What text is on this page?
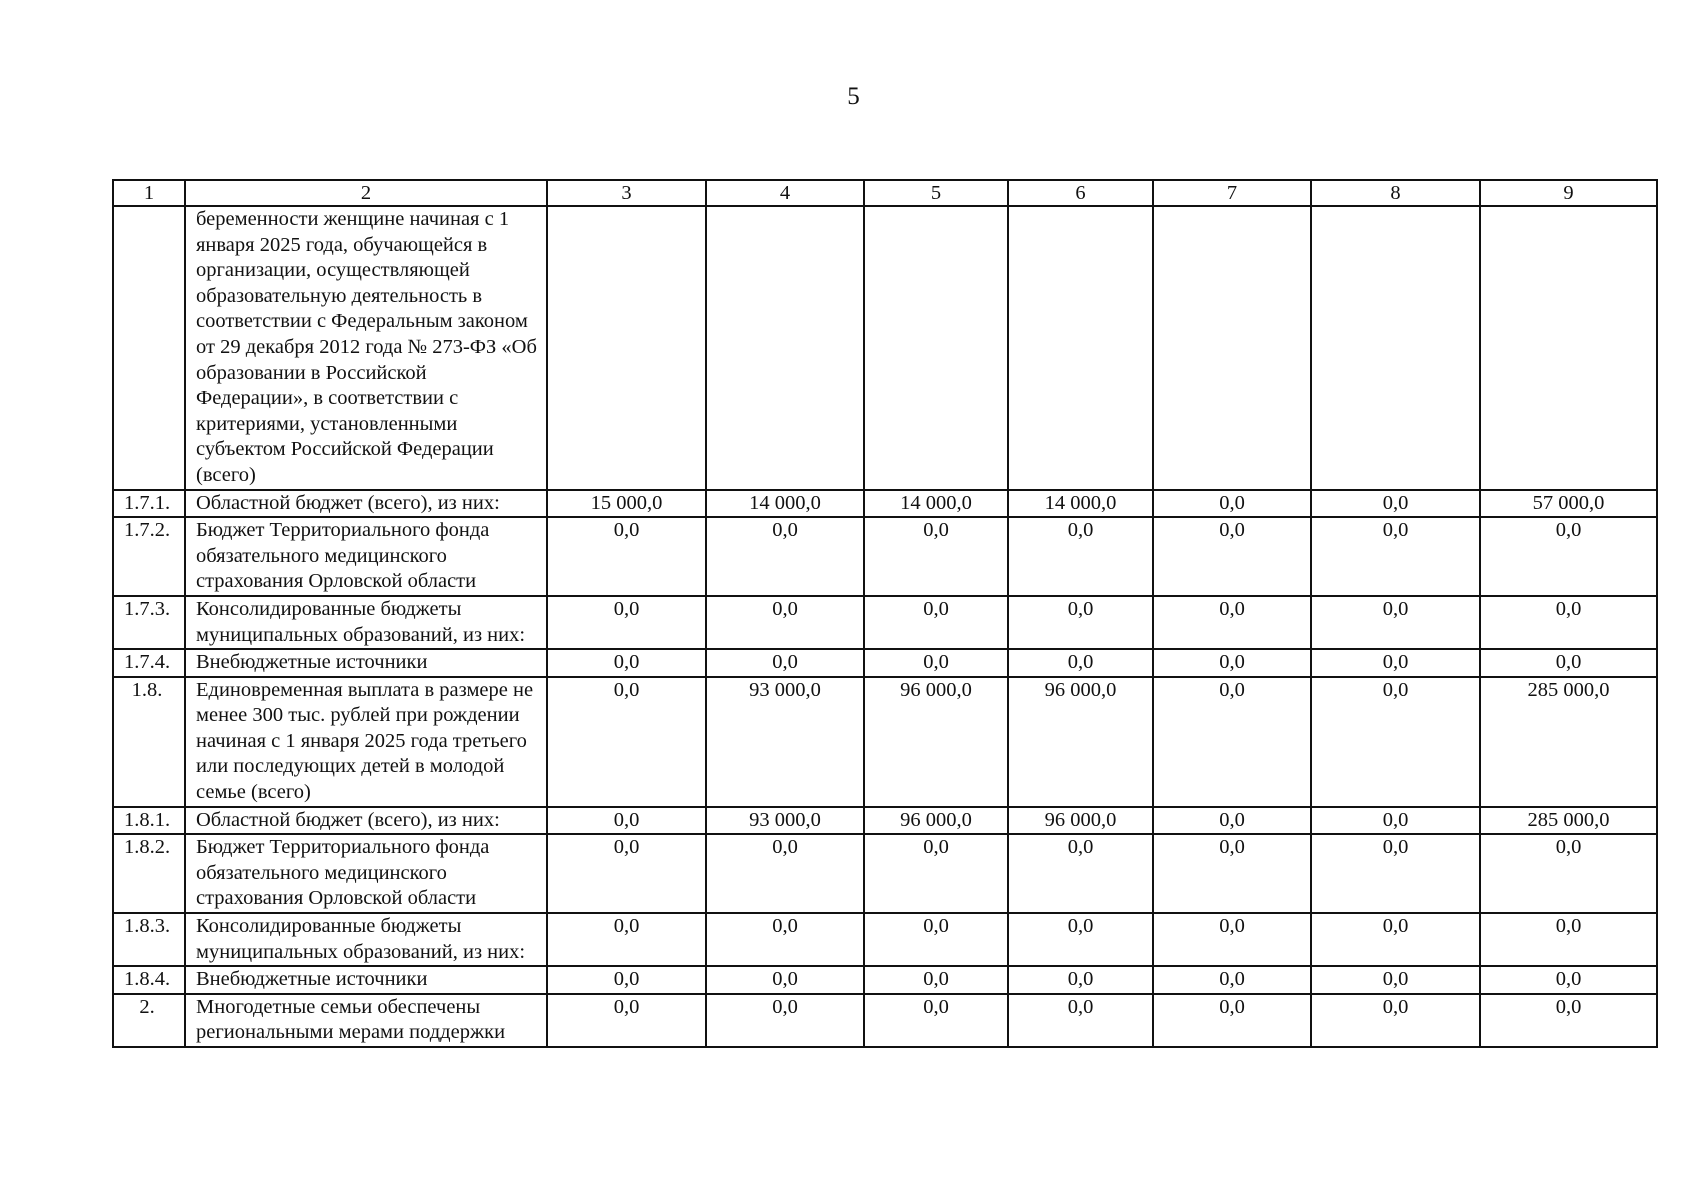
5
1	2	3	4	5	6	7	8	9
	беременности женщине начиная с 1 января 2025 года, обучающейся в организации, осуществляющей образовательную деятельность в соответствии с Федеральным законом от 29 декабря 2012 года № 273-ФЗ «Об образовании в Российской Федерации», в соответствии с критериями, установленными субъектом Российской Федерации (всего)							
1.7.1.	Областной бюджет (всего), из них:	15 000,0	14 000,0	14 000,0	14 000,0	0,0	0,0	57 000,0
1.7.2.	Бюджет Территориального фонда обязательного медицинского страхования Орловской области	0,0	0,0	0,0	0,0	0,0	0,0	0,0
1.7.3.	Консолидированные бюджеты муниципальных образований, из них:	0,0	0,0	0,0	0,0	0,0	0,0	0,0
1.7.4.	Внебюджетные источники	0,0	0,0	0,0	0,0	0,0	0,0	0,0
1.8.	Единовременная выплата в размере не менее 300 тыс. рублей при рождении начиная с 1 января 2025 года третьего или последующих детей в молодой семье (всего)	0,0	93 000,0	96 000,0	96 000,0	0,0	0,0	285 000,0
1.8.1.	Областной бюджет (всего), из них:	0,0	93 000,0	96 000,0	96 000,0	0,0	0,0	285 000,0
1.8.2.	Бюджет Территориального фонда обязательного медицинского страхования Орловской области	0,0	0,0	0,0	0,0	0,0	0,0	0,0
1.8.3.	Консолидированные бюджеты муниципальных образований, из них:	0,0	0,0	0,0	0,0	0,0	0,0	0,0
1.8.4.	Внебюджетные источники	0,0	0,0	0,0	0,0	0,0	0,0	0,0
2.	Многодетные семьи обеспечены региональными мерами поддержки	0,0	0,0	0,0	0,0	0,0	0,0	0,0
